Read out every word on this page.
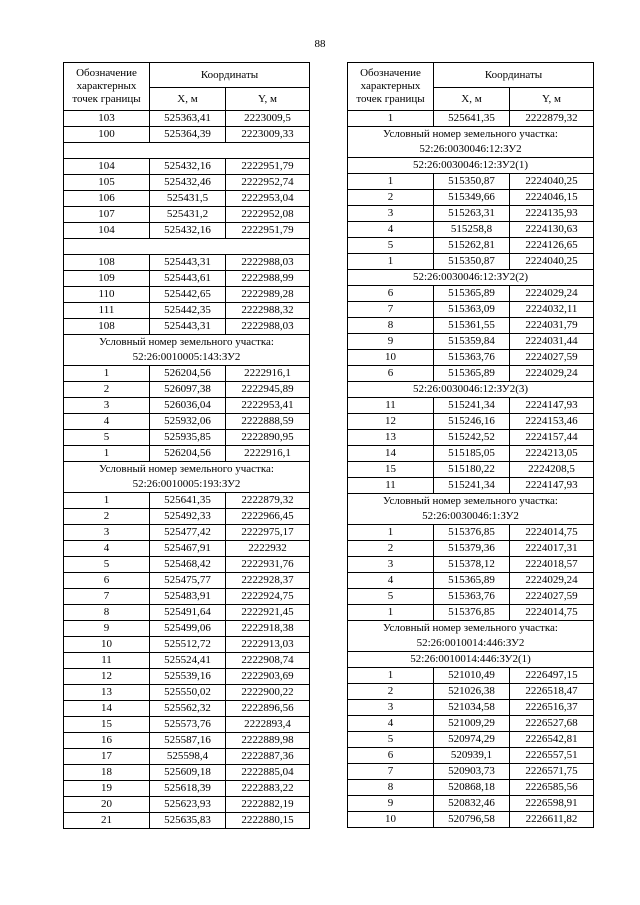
88
Обозначение характерных точек границы	Координаты	
	X, м	Y, м
103	525363,41	2223009,5
100	525364,39	2223009,33

104	525432,16	2222951,79
105	525432,46	2222952,74
106	525431,5	2222953,04
107	525431,2	2222952,08
104	525432,16	2222951,79

108	525443,31	2222988,03
109	525443,61	2222988,99
110	525442,65	2222989,28
111	525442,35	2222988,32
108	525443,31	2222988,03
Условный номер земельного участка: 52:26:0010005:143:ЗУ2		
1	526204,56	2222916,1
2	526097,38	2222945,89
3	526036,04	2222953,41
4	525932,06	2222888,59
5	525935,85	2222890,95
1	526204,56	2222916,1
Условный номер земельного участка: 52:26:0010005:193:ЗУ2		
1	525641,35	2222879,32
2	525492,33	2222966,45
3	525477,42	2222975,17
4	525467,91	2222932
5	525468,42	2222931,76
6	525475,77	2222928,37
7	525483,91	2222924,75
8	525491,64	2222921,45
9	525499,06	2222918,38
10	525512,72	2222913,03
11	525524,41	2222908,74
12	525539,16	2222903,69
13	525550,02	2222900,22
14	525562,32	2222896,56
15	525573,76	2222893,4
16	525587,16	2222889,98
17	525598,4	2222887,36
18	525609,18	2222885,04
19	525618,39	2222883,22
20	525623,93	2222882,19
21	525635,83	2222880,15
Обозначение характерных точек границы	Координаты	
	X, м	Y, м
1	525641,35	2222879,32
Условный номер земельного участка: 52:26:0030046:12:ЗУ2		
52:26:0030046:12:ЗУ2(1)		
1	515350,87	2224040,25
2	515349,66	2224046,15
3	515263,31	2224135,93
4	515258,8	2224130,63
5	515262,81	2224126,65
1	515350,87	2224040,25
52:26:0030046:12:ЗУ2(2)		
6	515365,89	2224029,24
7	515363,09	2224032,11
8	515361,55	2224031,79
9	515359,84	2224031,44
10	515363,76	2224027,59
6	515365,89	2224029,24
52:26:0030046:12:ЗУ2(3)		
11	515241,34	2224147,93
12	515246,16	2224153,46
13	515242,52	2224157,44
14	515185,05	2224213,05
15	515180,22	2224208,5
11	515241,34	2224147,93
Условный номер земельного участка: 52:26:0030046:1:ЗУ2		
1	515376,85	2224014,75
2	515379,36	2224017,31
3	515378,12	2224018,57
4	515365,89	2224029,24
5	515363,76	2224027,59
1	515376,85	2224014,75
Условный номер земельного участка: 52:26:0010014:446:ЗУ2		
52:26:0010014:446:ЗУ2(1)		
1	521010,49	2226497,15
2	521026,38	2226518,47
3	521034,58	2226516,37
4	521009,29	2226527,68
5	520974,29	2226542,81
6	520939,1	2226557,51
7	520903,73	2226571,75
8	520868,18	2226585,56
9	520832,46	2226598,91
10	520796,58	2226611,82
